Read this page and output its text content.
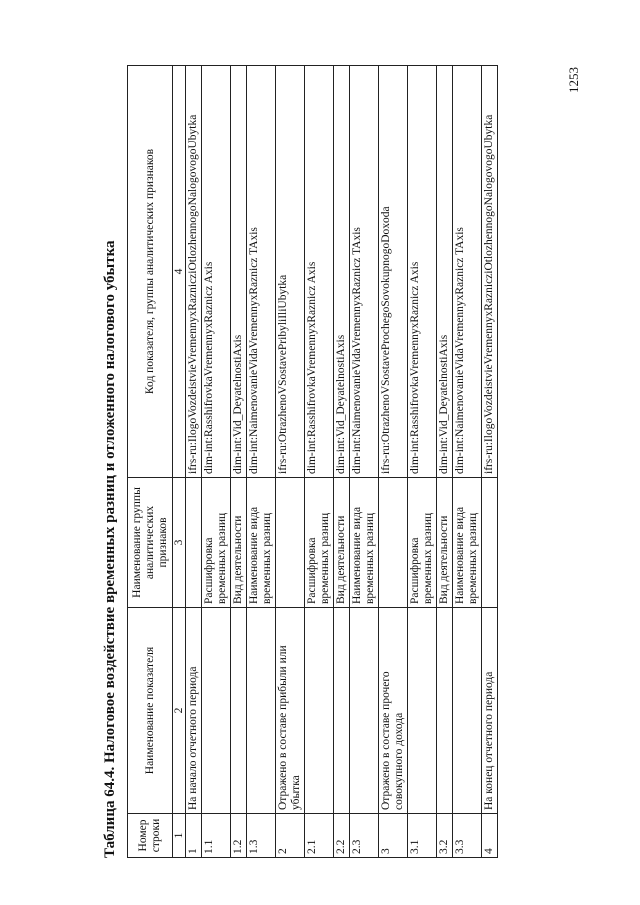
1253
Таблица 64.4. Налоговое воздействие временных разниц и отложенного налогового убытка Номер строки	Наименование показателя	Наименование группы аналитических признаков	Код показателя, группы аналитических признаков
1	2	3	4
1	На начало отчетного периода		ifrs-ru:IlogoVozdeistvieVremennyxRaznicziOtlozhennogoNalogovogoUbytka
1.1		Расшифровка временных разниц	dim-int:RasshifrovkaVremennyxRaznicz Axis
1.2		Вид деятельности	dim-int:Vid_DeyatelnostiAxis
1.3		Наименование вида временных разниц	dim-int:NaimenovanieVidaVremennyxRaznicz TAxis
2	Отражено в составе прибыли или убытка		ifrs-ru:OtrazhenoVSostavePribyliIliUbytka
2.1		Расшифровка временных разниц	dim-int:RasshifrovkaVremennyxRaznicz Axis
2.2		Вид деятельности	dim-int:Vid_DeyatelnostiAxis
2.3		Наименование вида временных разниц	dim-int:NaimenovanieVidaVremennyxRaznicz TAxis
3	Отражено в составе прочего совокупного дохода		ifrs-ru:OtrazhenoVSostaveProchegoSovokupnogoDoxoda
3.1		Расшифровка временных разниц	dim-int:RasshifrovkaVremennyxRaznicz Axis
3.2		Вид деятельности	dim-int:Vid_DeyatelnostiAxis
3.3		Наименование вида временных разниц	dim-int:NaimenovanieVidaVremennyxRaznicz TAxis
4	На конец отчетного периода		ifrs-ru:IlogoVozdeistvieVremennyxRaznicziOtlozhennogoNalogovogoUbytka
